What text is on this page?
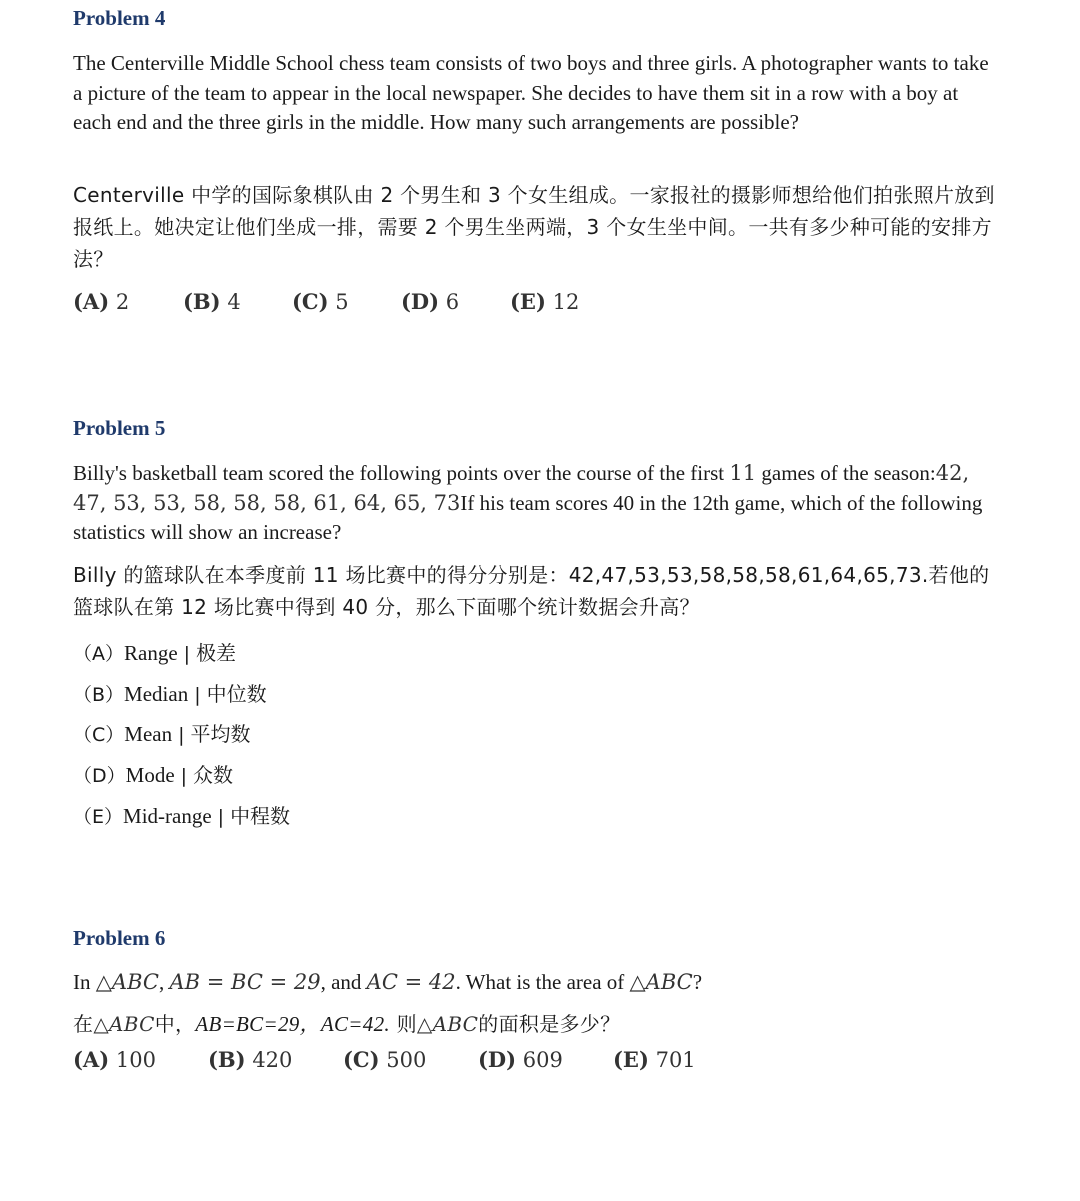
Problem 4
The Centerville Middle School chess team consists of two boys and three girls. A photographer wants to take a picture of the team to appear in the local newspaper. She decides to have them sit in a row with a boy at each end and the three girls in the middle. How many such arrangements are possible?
Centerville 中学的国际象棋队由 2 个男生和 3 个女生组成。一家报社的摄影师想给他们拍张照片放到报纸上。她决定让他们坐成一排，需要 2 个男生坐两端，3 个女生坐中间。一共有多少种可能的安排方法？
(A) 2	(B) 4 (C) 5 (D) 6 (E) 12
Problem 5
Billy's basketball team scored the following points over the course of the first 11 games of the season:42, 47, 53, 53, 58, 58, 58, 61, 64, 65, 73If his team scores 40 in the 12th game, which of the following statistics will show an increase?
Billy 的篮球队在本季度前 11 场比赛中的得分分别是：42,47,53,53,58,58,58,61,64,65,73.若他的篮球队在第 12 场比赛中得到 40 分，那么下面哪个统计数据会升高？
（A）Range | 极差
（B）Median | 中位数
（C）Mean | 平均数
（D）Mode | 众数
（E）Mid-range | 中程数
Problem 6
In △ABC, AB = BC = 29, and AC = 42. What is the area of △ABC?
在△ABC中，AB=BC=29，AC=42. 则△ABC的面积是多少？
(A) 100 (B) 420 (C) 500 (D) 609 (E) 701
